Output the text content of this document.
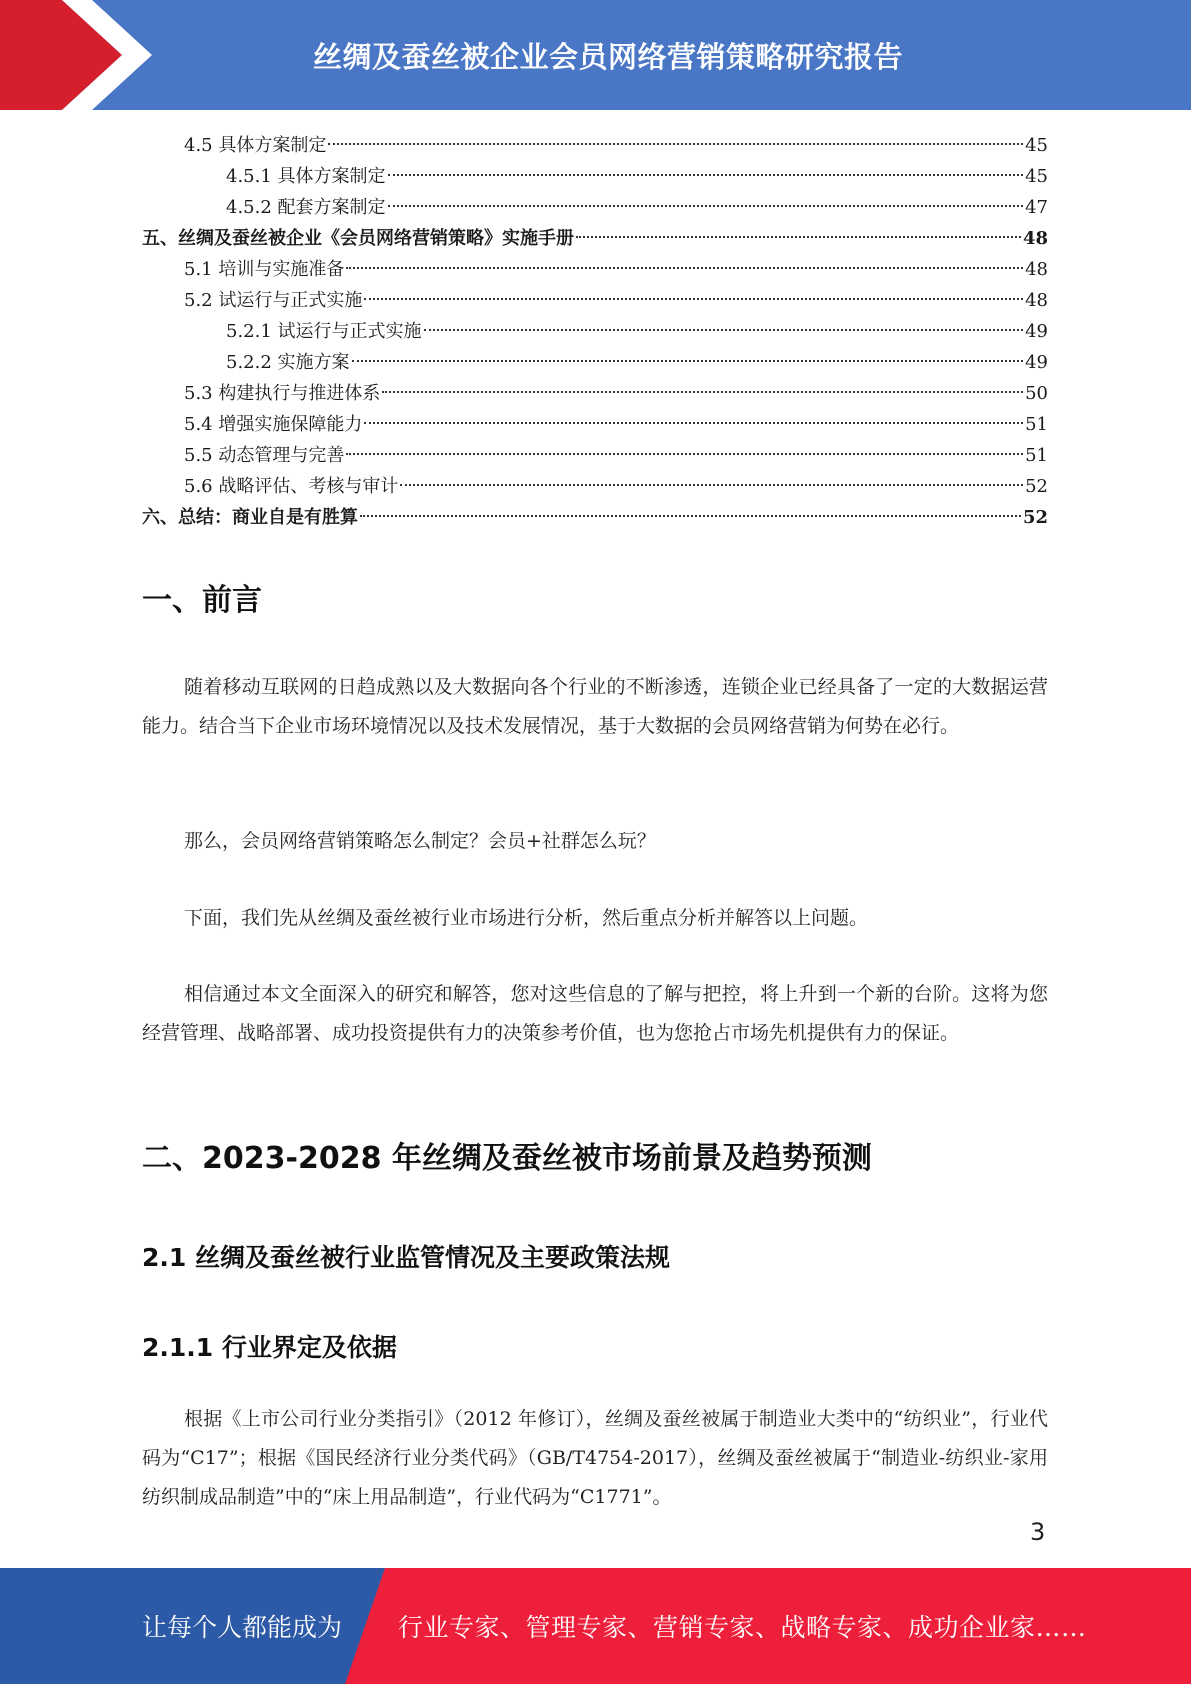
丝绸及蚕丝被企业会员网络营销策略研究报告
4.5 具体方案制定	45
4.5.1 具体方案制定	45
4.5.2 配套方案制定	47
五、丝绸及蚕丝被企业《会员网络营销策略》实施手册	48
5.1 培训与实施准备	48
5.2 试运行与正式实施	48
5.2.1 试运行与正式实施	49
5.2.2 实施方案	49
5.3 构建执行与推进体系	50
5.4 增强实施保障能力	51
5.5 动态管理与完善	51
5.6 战略评估、考核与审计	52
六、总结：商业自是有胜算	52
一、前言
随着移动互联网的日趋成熟以及大数据向各个行业的不断渗透，连锁企业已经具备了一定的大数据运营能力。结合当下企业市场环境情况以及技术发展情况，基于大数据的会员网络营销为何势在必行。
那么，会员网络营销策略怎么制定？会员+社群怎么玩？
下面，我们先从丝绸及蚕丝被行业市场进行分析，然后重点分析并解答以上问题。
相信通过本文全面深入的研究和解答，您对这些信息的了解与把控，将上升到一个新的台阶。这将为您经营管理、战略部署、成功投资提供有力的决策参考价值，也为您抢占市场先机提供有力的保证。
二、2023-2028 年丝绸及蚕丝被市场前景及趋势预测
2.1 丝绸及蚕丝被行业监管情况及主要政策法规
2.1.1 行业界定及依据
根据《上市公司行业分类指引》（2012 年修订），丝绸及蚕丝被属于制造业大类中的“纺织业”，行业代码为“C17”；根据《国民经济行业分类代码》（GB/T4754-2017），丝绸及蚕丝被属于“制造业-纺织业-家用纺织制成品制造”中的“床上用品制造”，行业代码为“C1771”。
3
让每个人都能成为 行业专家、管理专家、营销专家、战略专家、成功企业家……
